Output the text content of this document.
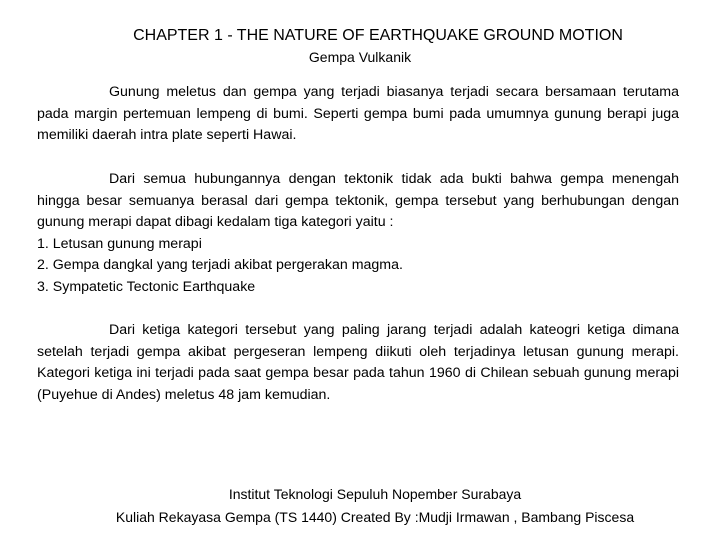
CHAPTER 1 - THE NATURE OF EARTHQUAKE GROUND MOTION
Gempa Vulkanik

Gunung meletus dan gempa yang terjadi biasanya terjadi secara bersamaan terutama pada margin pertemuan lempeng di bumi. Seperti gempa bumi pada umumnya gunung berapi juga memiliki daerah intra plate seperti Hawai.

Dari semua hubungannya dengan tektonik tidak ada bukti bahwa gempa menengah hingga besar semuanya berasal dari gempa tektonik, gempa tersebut yang berhubungan dengan gunung merapi dapat dibagi kedalam tiga kategori yaitu :

1. Letusan gunung merapi

2. Gempa dangkal yang terjadi akibat pergerakan magma.

3. Sympatetic Tectonic Earthquake

Dari ketiga kategori tersebut yang paling jarang terjadi adalah kateogri ketiga dimana setelah terjadi gempa akibat pergeseran lempeng diikuti oleh terjadinya letusan gunung merapi. Kategori ketiga ini terjadi pada saat gempa besar pada tahun 1960 di Chilean sebuah gunung merapi (Puyehue di Andes) meletus 48 jam kemudian.

Institut Teknologi Sepuluh Nopember Surabaya
Kuliah Rekayasa Gempa (TS 1440) Created By :Mudji Irmawan , Bambang Piscesa
